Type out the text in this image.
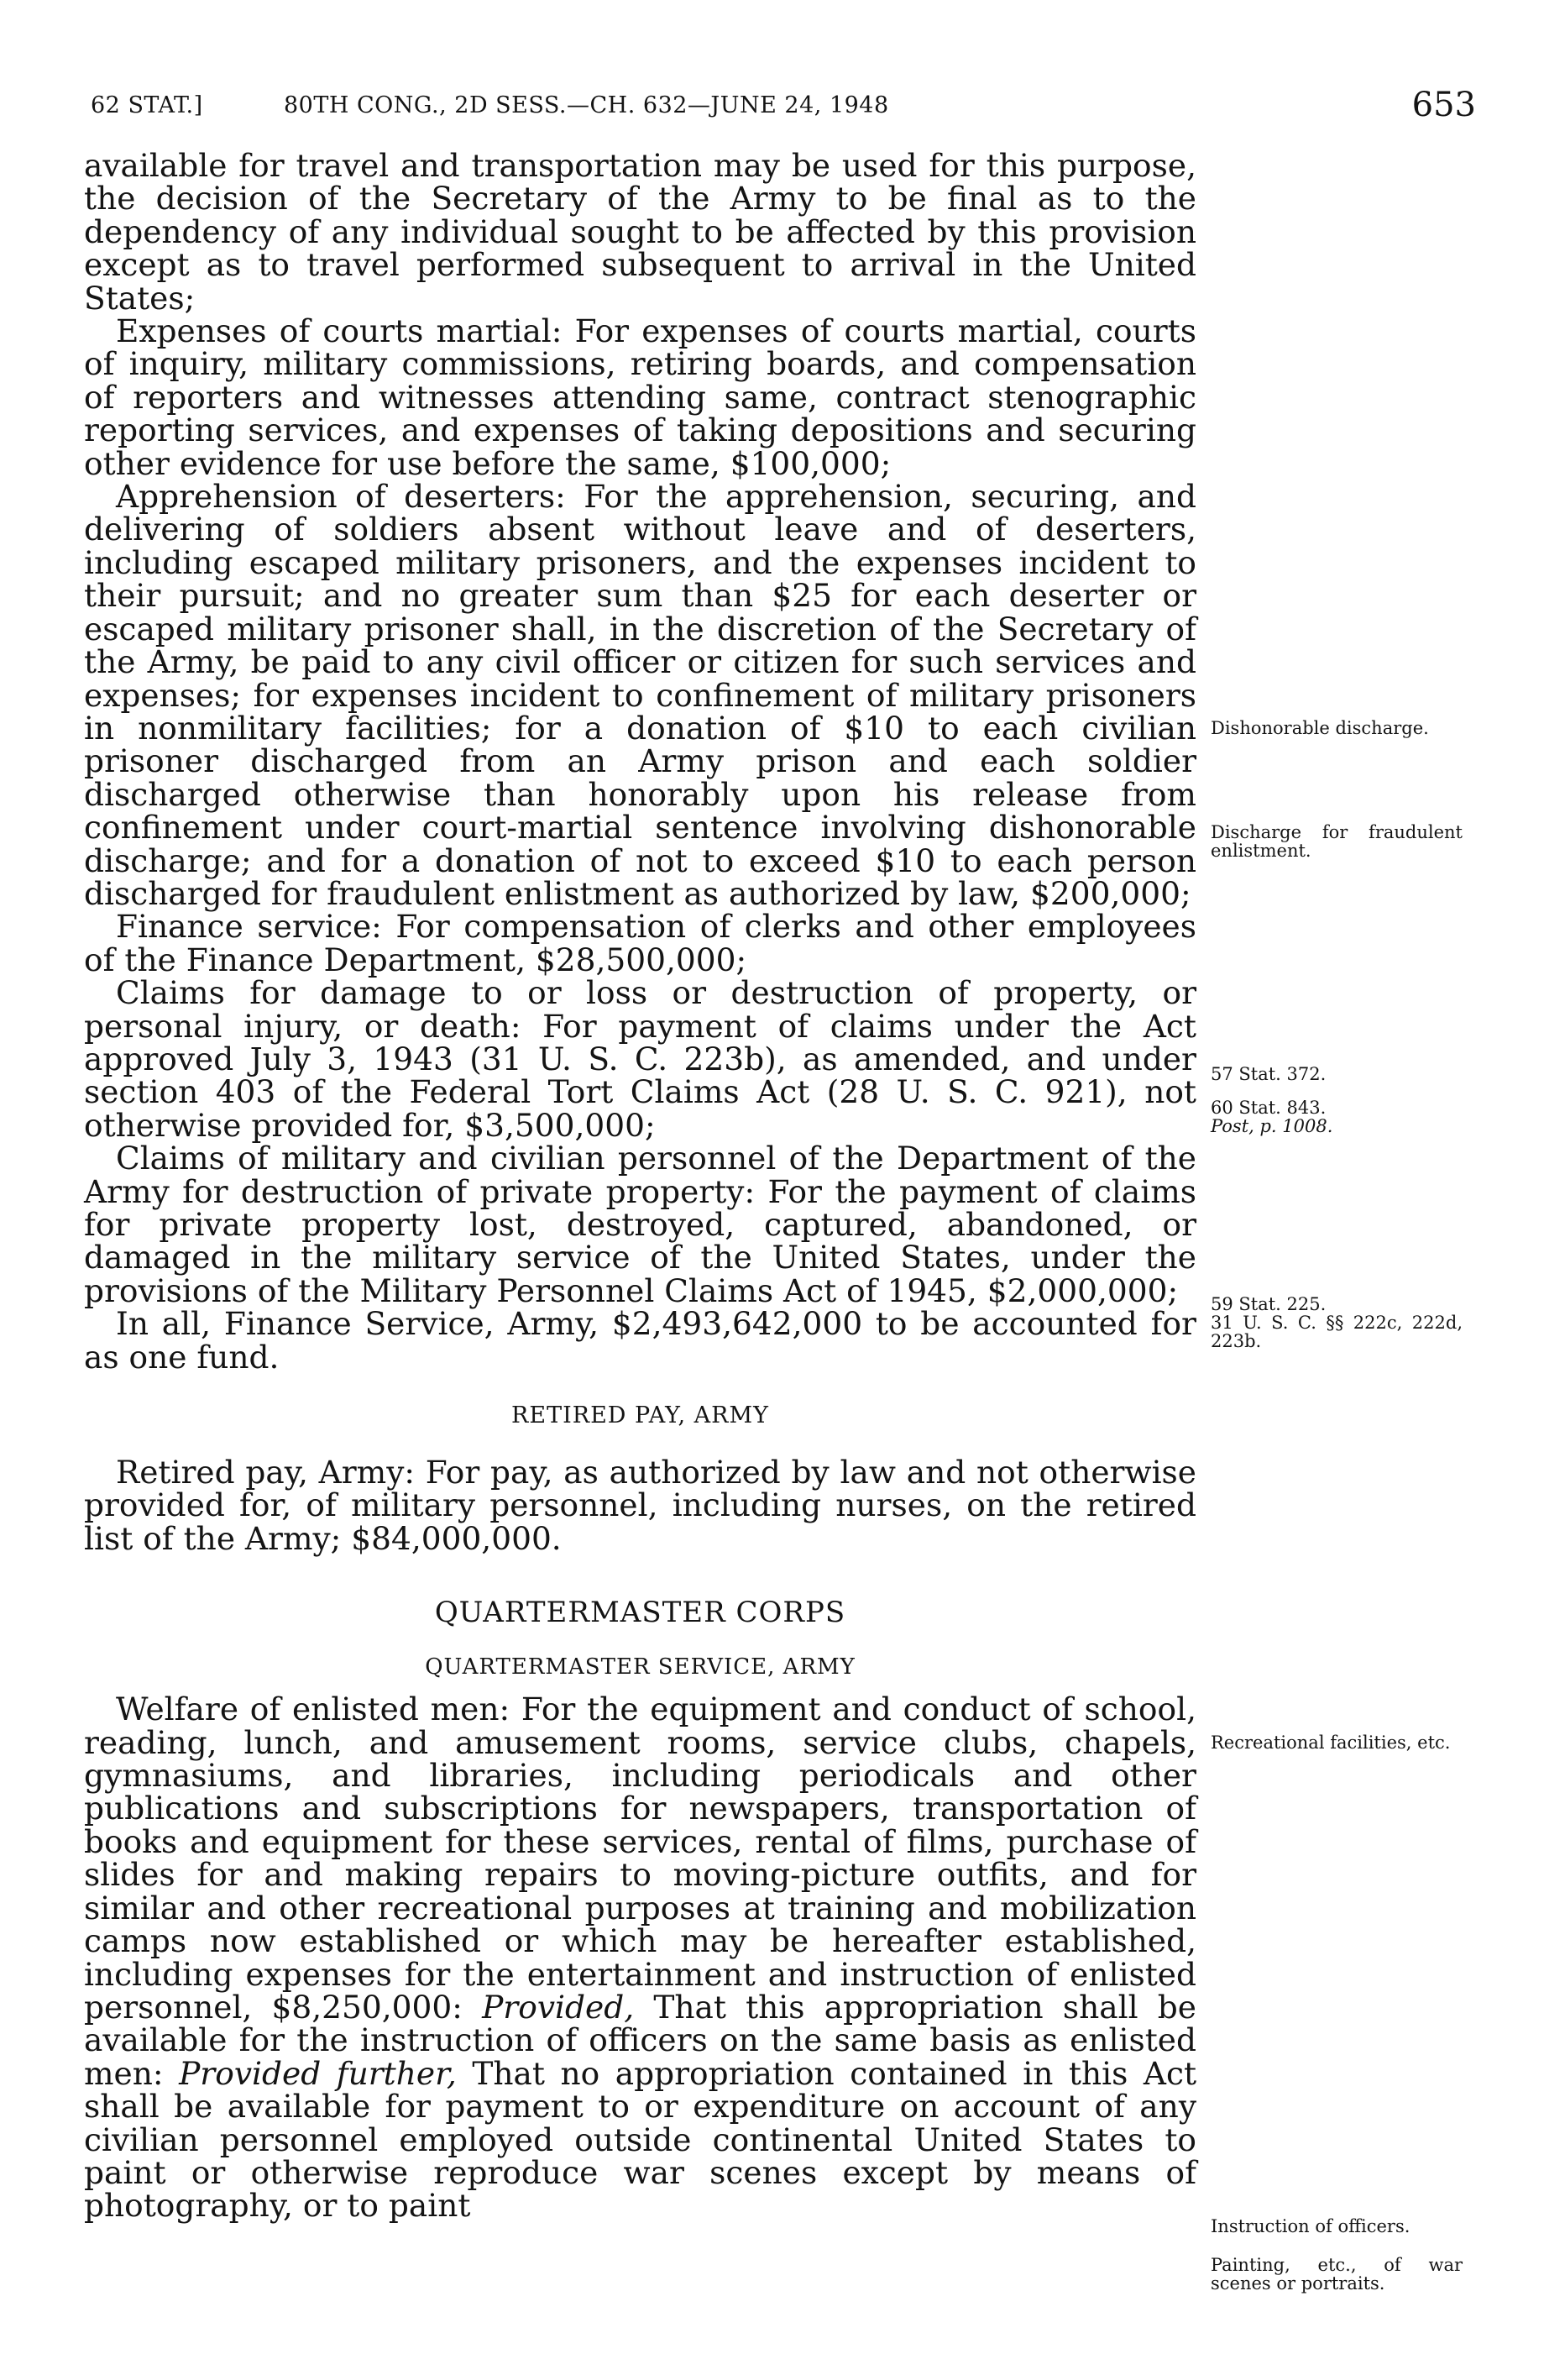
62 STAT.]	80TH CONG., 2D SESS.—CH. 632—JUNE 24, 1948	653

available for travel and transportation may be used for this purpose, the decision of the Secretary of the Army to be final as to the dependency of any individual sought to be affected by this provision except as to travel performed subsequent to arrival in the United States;

Expenses of courts martial: For expenses of courts martial, courts of inquiry, military commissions, retiring boards, and compensation of reporters and witnesses attending same, contract stenographic reporting services, and expenses of taking depositions and securing other evidence for use before the same, $100,000;

Apprehension of deserters: For the apprehension, securing, and delivering of soldiers absent without leave and of deserters, including escaped military prisoners, and the expenses incident to their pursuit; and no greater sum than $25 for each deserter or escaped military prisoner shall, in the discretion of the Secretary of the Army, be paid to any civil officer or citizen for such services and expenses; for expenses incident to confinement of military prisoners in nonmilitary facilities; for a donation of $10 to each civilian prisoner discharged from an Army prison and each soldier discharged otherwise than honorably upon his release from confinement under court-martial sentence involving dishonorable discharge; and for a donation of not to exceed $10 to each person discharged for fraudulent enlistment as authorized by law, $200,000;

Finance service: For compensation of clerks and other employees of the Finance Department, $28,500,000;

Claims for damage to or loss or destruction of property, or personal injury, or death: For payment of claims under the Act approved July 3, 1943 (31 U. S. C. 223b), as amended, and under section 403 of the Federal Tort Claims Act (28 U. S. C. 921), not otherwise provided for, $3,500,000;

Claims of military and civilian personnel of the Department of the Army for destruction of private property: For the payment of claims for private property lost, destroyed, captured, abandoned, or damaged in the military service of the United States, under the provisions of the Military Personnel Claims Act of 1945, $2,000,000;

In all, Finance Service, Army, $2,493,642,000 to be accounted for as one fund.

RETIRED PAY, ARMY

Retired pay, Army: For pay, as authorized by law and not otherwise provided for, of military personnel, including nurses, on the retired list of the Army; $84,000,000.

QUARTERMASTER CORPS

QUARTERMASTER SERVICE, ARMY

Welfare of enlisted men: For the equipment and conduct of school, reading, lunch, and amusement rooms, service clubs, chapels, gymnasiums, and libraries, including periodicals and other publications and subscriptions for newspapers, transportation of books and equipment for these services, rental of films, purchase of slides for and making repairs to moving-picture outfits, and for similar and other recreational purposes at training and mobilization camps now established or which may be hereafter established, including expenses for the entertainment and instruction of enlisted personnel, $8,250,000: Provided, That this appropriation shall be available for the instruction of officers on the same basis as enlisted men: Provided further, That no appropriation contained in this Act shall be available for payment to or expenditure on account of any civilian personnel employed outside continental United States to paint or otherwise reproduce war scenes except by means of photography, or to paint

Dishonorable discharge.
Discharge for fraudulent enlistment.
57 Stat. 372.
60 Stat. 843.
Post, p. 1008.
59 Stat. 225.
31 U. S. C. §§ 222c, 222d, 223b.
Recreational facilities, etc.
Instruction of officers.
Painting, etc., of war scenes or portraits.
